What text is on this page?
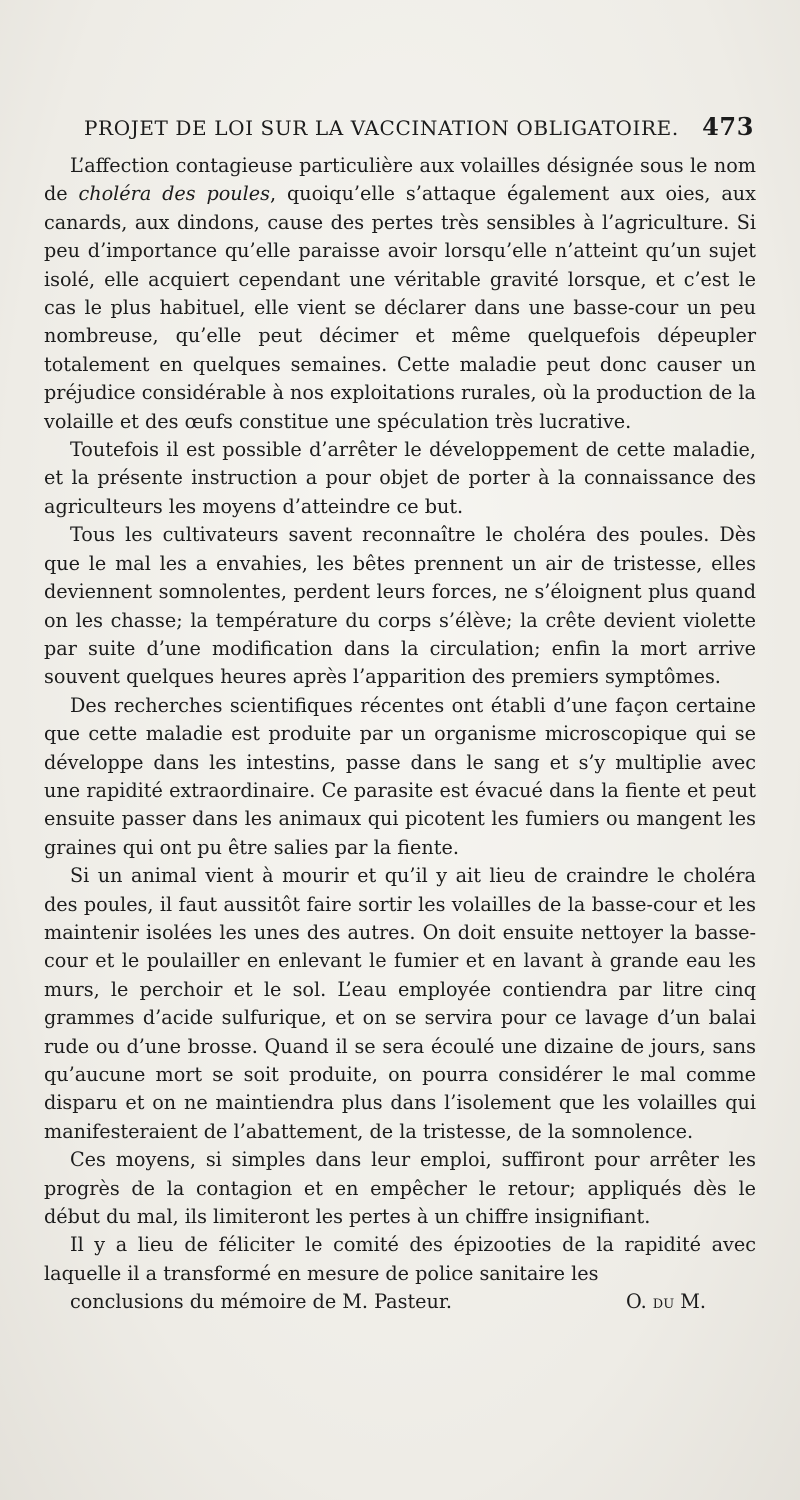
PROJET DE LOI SUR LA VACCINATION OBLIGATOIRE. 473

L’affection contagieuse particulière aux volailles désignée sous le nom de choléra des poules, quoiqu’elle s’attaque également aux oies, aux canards, aux dindons, cause des pertes très sensibles à l’agriculture. Si peu d’importance qu’elle paraisse avoir lorsqu’elle n’atteint qu’un sujet isolé, elle acquiert cependant une véritable gravité lorsque, et c’est le cas le plus habituel, elle vient se déclarer dans une basse-cour un peu nombreuse, qu’elle peut décimer et même quelquefois dépeupler totalement en quelques semaines. Cette maladie peut donc causer un préjudice considérable à nos exploitations rurales, où la production de la volaille et des œufs constitue une spéculation très lucrative.

Toutefois il est possible d’arrêter le développement de cette maladie, et la présente instruction a pour objet de porter à la connaissance des agriculteurs les moyens d’atteindre ce but.

Tous les cultivateurs savent reconnaître le choléra des poules. Dès que le mal les a envahies, les bêtes prennent un air de tristesse, elles deviennent somnolentes, perdent leurs forces, ne s’éloignent plus quand on les chasse; la température du corps s’élève; la crête devient violette par suite d’une modification dans la circulation; enfin la mort arrive souvent quelques heures après l’apparition des premiers symptômes.

Des recherches scientifiques récentes ont établi d’une façon certaine que cette maladie est produite par un organisme microscopique qui se développe dans les intestins, passe dans le sang et s’y multiplie avec une rapidité extraordinaire. Ce parasite est évacué dans la fiente et peut ensuite passer dans les animaux qui picotent les fumiers ou mangent les graines qui ont pu être salies par la fiente.

Si un animal vient à mourir et qu’il y ait lieu de craindre le choléra des poules, il faut aussitôt faire sortir les volailles de la basse-cour et les maintenir isolées les unes des autres. On doit ensuite nettoyer la basse-cour et le poulailler en enlevant le fumier et en lavant à grande eau les murs, le perchoir et le sol. L’eau employée contiendra par litre cinq grammes d’acide sulfurique, et on se servira pour ce lavage d’un balai rude ou d’une brosse. Quand il se sera écoulé une dizaine de jours, sans qu’aucune mort se soit produite, on pourra considérer le mal comme disparu et on ne maintiendra plus dans l’isolement que les volailles qui manifesteraient de l’abattement, de la tristesse, de la somnolence.

Ces moyens, si simples dans leur emploi, suffiront pour arrêter les progrès de la contagion et en empêcher le retour; appliqués dès le début du mal, ils limiteront les pertes à un chiffre insignifiant.

Il y a lieu de féliciter le comité des épizooties de la rapidité avec laquelle il a transformé en mesure de police sanitaire les

conclusions du mémoire de M. Pasteur.	O. du M.
